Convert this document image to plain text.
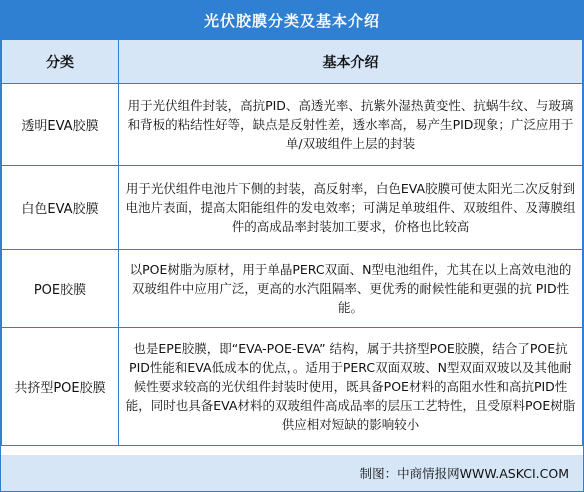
光伏胶膜分类及基本介绍
分类	基本介绍
透明EVA胶膜	用于光伏组件封装，高抗PID、高透光率、抗紫外湿热黄变性、抗蜗牛纹、与玻璃和背板的粘结性好等，缺点是反射性差，透水率高，易产生PID现象；广泛应用于单/双玻组件上层的封装
白色EVA胶膜	用于光伏组件电池片下侧的封装，高反射率，白色EVA胶膜可使太阳光二次反射到电池片表面，提高太阳能组件的发电效率；可满足单玻组件、双玻组件、及薄膜组件的高成品率封装加工要求，价格也比较高
POE胶膜	以POE树脂为原材，用于单晶PERC双面、N型电池组件，尤其在以上高效电池的双玻组件中应用广泛，更高的水汽阻隔率、更优秀的耐候性能和更强的抗 PID性能。
共挤型POE胶膜	也是EPE胶膜，即“EVA-POE-EVA” 结构，属于共挤型POE胶膜，结合了POE抗PID性能和EVA低成本的优点，。适用于PERC双面双玻、N型双面双玻以及其他耐候性要求较高的光伏组件封装时使用，既具备POE材料的高阻水性和高抗PID性能，同时也具备EVA材料的双玻组件高成品率的层压工艺特性，且受原料POE树脂供应相对短缺的影响较小
制图：中商情报网WWW.ASKCI.COM
